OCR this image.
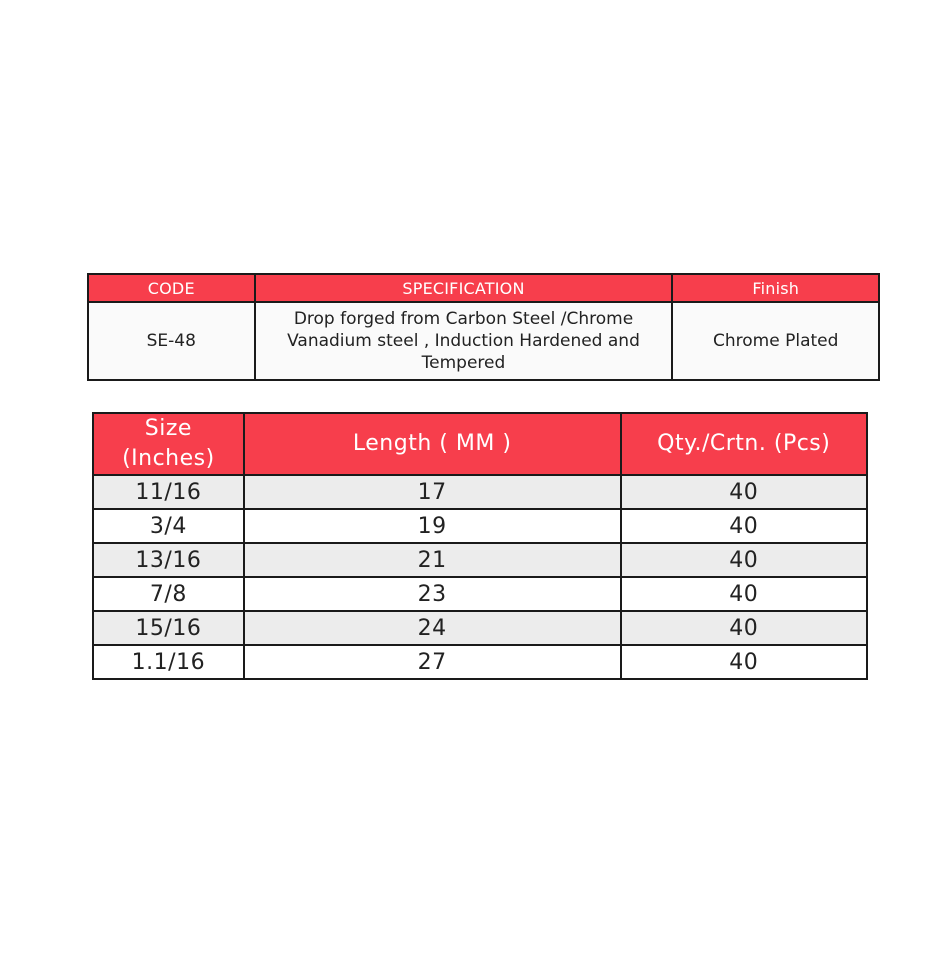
CODE	SPECIFICATION	Finish
SE-48	Drop forged from Carbon Steel /Chrome Vanadium steel , Induction Hardened and Tempered	Chrome Plated
Size
(Inches)	Length ( MM )	Qty./Crtn. (Pcs)
11/16	17	40
3/4	19	40
13/16	21	40
7/8	23	40
15/16	24	40
1.1/16	27	40
